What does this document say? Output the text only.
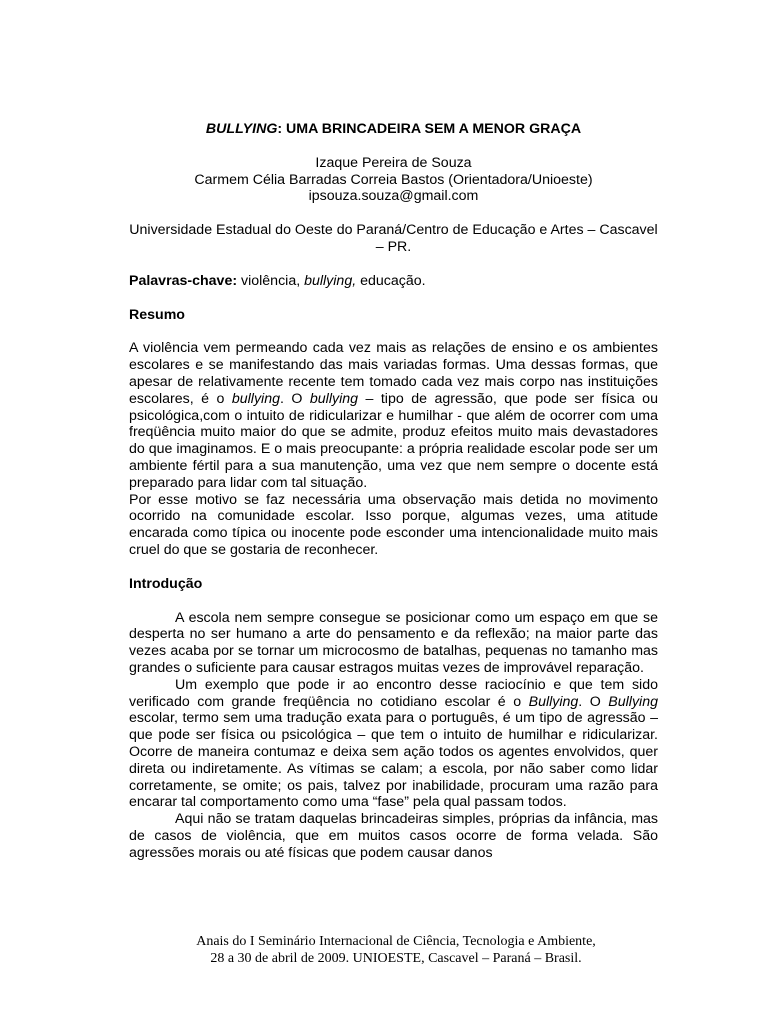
BULLYING: UMA BRINCADEIRA SEM A MENOR GRAÇA
Izaque Pereira de Souza
Carmem Célia Barradas Correia Bastos (Orientadora/Unioeste)
ipsouza.souza@gmail.com
Universidade Estadual do Oeste do Paraná/Centro de Educação e Artes – Cascavel – PR.
Palavras-chave: violência, bullying, educação.
Resumo

A violência vem permeando cada vez mais as relações de ensino e os ambientes escolares e se manifestando das mais variadas formas. Uma dessas formas, que apesar de relativamente recente tem tomado cada vez mais corpo nas instituições escolares, é o bullying. O bullying – tipo de agressão, que pode ser física ou psicológica,com o intuito de ridicularizar e humilhar - que além de ocorrer com uma freqüência muito maior do que se admite, produz efeitos muito mais devastadores do que imaginamos. E o mais preocupante: a própria realidade escolar pode ser um ambiente fértil para a sua manutenção, uma vez que nem sempre o docente está preparado para lidar com tal situação.

Por esse motivo se faz necessária uma observação mais detida no movimento ocorrido na comunidade escolar. Isso porque, algumas vezes, uma atitude encarada como típica ou inocente pode esconder uma intencionalidade muito mais cruel do que se gostaria de reconhecer.

Introdução

A escola nem sempre consegue se posicionar como um espaço em que se desperta no ser humano a arte do pensamento e da reflexão; na maior parte das vezes acaba por se tornar um microcosmo de batalhas, pequenas no tamanho mas grandes o suficiente para causar estragos muitas vezes de improvável reparação.

Um exemplo que pode ir ao encontro desse raciocínio e que tem sido verificado com grande freqüência no cotidiano escolar é o Bullying. O Bullying escolar, termo sem uma tradução exata para o português, é um tipo de agressão – que pode ser física ou psicológica – que tem o intuito de humilhar e ridicularizar. Ocorre de maneira contumaz e deixa sem ação todos os agentes envolvidos, quer direta ou indiretamente. As vítimas se calam; a escola, por não saber como lidar corretamente, se omite; os pais, talvez por inabilidade, procuram uma razão para encarar tal comportamento como uma “fase” pela qual passam todos.

Aqui não se tratam daquelas brincadeiras simples, próprias da infância, mas de casos de violência, que em muitos casos ocorre de forma velada. São agressões morais ou até físicas que podem causar danos

Anais do I Seminário Internacional de Ciência, Tecnologia e Ambiente,
28 a 30 de abril de 2009. UNIOESTE, Cascavel – Paraná – Brasil.
